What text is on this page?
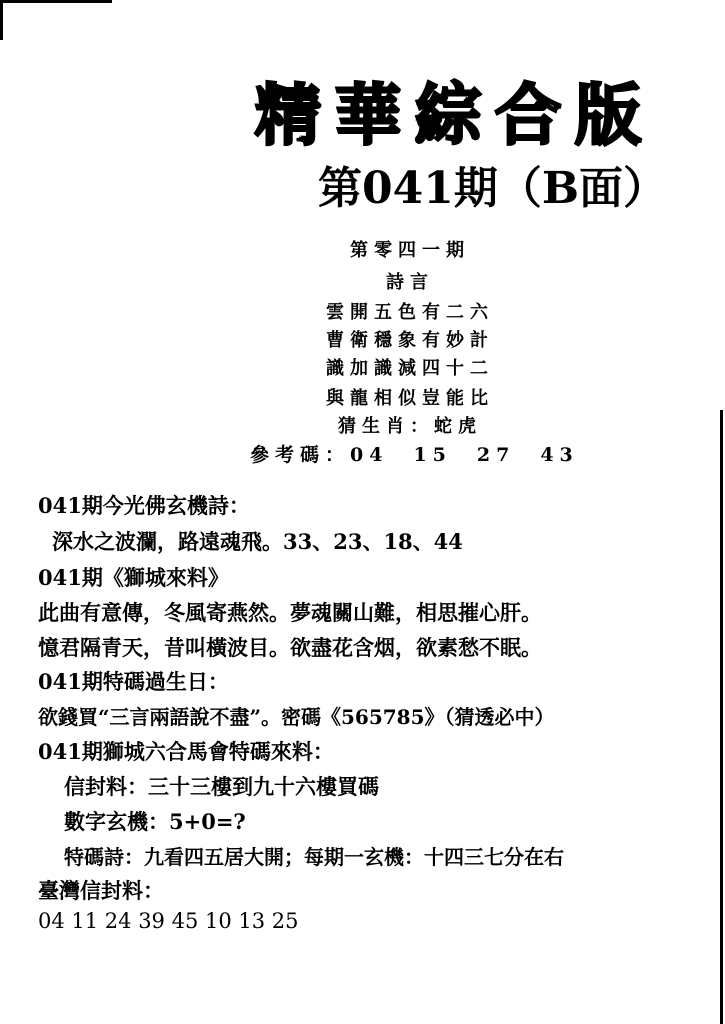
精華綜合版
第041期（B面）
第零四一期
詩言
雲開五色有二六
曹衛穩象有妙計
識加識減四十二
與龍相似豈能比
猜生肖：蛇虎
參考碼：04　15　27　43
041期今光佛玄機詩：
深水之波瀾，路遠魂飛。33、23、18、44
041期《獅城來料》
此曲有意傳，冬風寄燕然。夢魂關山難，相思摧心肝。
憶君隔青天，昔叫橫波目。欲盡花含烟，欲素愁不眠。
041期特碼過生日：
欲錢買“三言兩語說不盡”。密碼《565785》（猜透必中）
041期獅城六合馬會特碼來料：
信封料：三十三樓到九十六樓買碼
數字玄機：5+0=?
特碼詩：九看四五居大開；每期一玄機：十四三七分在右
臺灣信封料：
04 11 24 39 45 10 13 25
